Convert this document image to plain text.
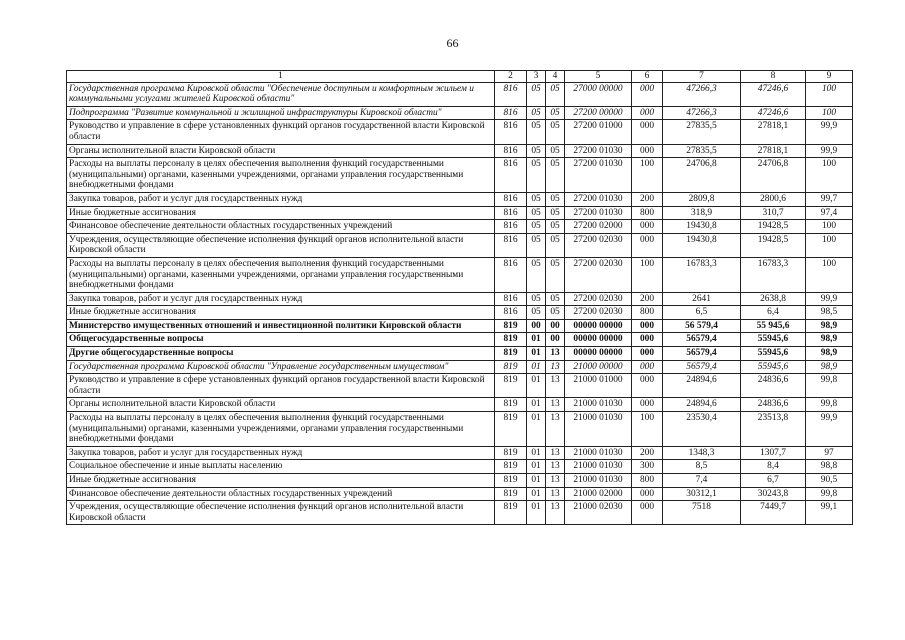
66
1	2	3	4	5	6	7	8	9
Государственная программа Кировской области "Обеспечение доступным и комфортным жильем и коммунальными услугами жителей Кировской области"	816	05	05	27000 00000	000	47266,3	47246,6	100
Подпрограмма "Развитие коммунальной и жилищной инфраструктуры Кировской области"	816	05	05	27200 00000	000	47266,3	47246,6	100
Руководство и управление в сфере установленных функций органов государственной власти Кировской области	816	05	05	27200 01000	000	27835,5	27818,1	99,9
Органы исполнительной власти Кировской области	816	05	05	27200 01030	000	27835,5	27818,1	99,9
Расходы на выплаты персоналу в целях обеспечения выполнения функций государственными (муниципальными) органами, казенными учреждениями, органами управления государственными внебюджетными фондами	816	05	05	27200 01030	100	24706,8	24706,8	100
Закупка товаров, работ и услуг для государственных нужд	816	05	05	27200 01030	200	2809,8	2800,6	99,7
Иные бюджетные ассигнования	816	05	05	27200 01030	800	318,9	310,7	97,4
Финансовое обеспечение деятельности областных государственных учреждений	816	05	05	27200 02000	000	19430,8	19428,5	100
Учреждения, осуществляющие обеспечение исполнения функций органов исполнительной власти Кировской области	816	05	05	27200 02030	000	19430,8	19428,5	100
Расходы на выплаты персоналу в целях обеспечения выполнения функций государственными (муниципальными) органами, казенными учреждениями, органами управления государственными внебюджетными фондами	816	05	05	27200 02030	100	16783,3	16783,3	100
Закупка товаров, работ и услуг для государственных нужд	816	05	05	27200 02030	200	2641	2638,8	99,9
Иные бюджетные ассигнования	816	05	05	27200 02030	800	6,5	6,4	98,5
Министерство имущественных отношений и инвестиционной политики Кировской области	819	00	00	00000 00000	000	56 579,4	55 945,6	98,9
Общегосударственные вопросы	819	01	00	00000 00000	000	56579,4	55945,6	98,9
Другие общегосударственные вопросы	819	01	13	00000 00000	000	56579,4	55945,6	98,9
Государственная программа Кировской области "Управление государственным имуществом"	819	01	13	21000 00000	000	56579,4	55945,6	98,9
Руководство и управление в сфере установленных функций органов государственной власти Кировской области	819	01	13	21000 01000	000	24894,6	24836,6	99,8
Органы исполнительной власти Кировской области	819	01	13	21000 01030	000	24894,6	24836,6	99,8
Расходы на выплаты персоналу в целях обеспечения выполнения функций государственными (муниципальными) органами, казенными учреждениями, органами управления государственными внебюджетными фондами	819	01	13	21000 01030	100	23530,4	23513,8	99,9
Закупка товаров, работ и услуг для государственных нужд	819	01	13	21000 01030	200	1348,3	1307,7	97
Социальное обеспечение и иные выплаты населению	819	01	13	21000 01030	300	8,5	8,4	98,8
Иные бюджетные ассигнования	819	01	13	21000 01030	800	7,4	6,7	90,5
Финансовое обеспечение деятельности областных государственных учреждений	819	01	13	21000 02000	000	30312,1	30243,8	99,8
Учреждения, осуществляющие обеспечение исполнения функций органов исполнительной власти Кировской области	819	01	13	21000 02030	000	7518	7449,7	99,1
